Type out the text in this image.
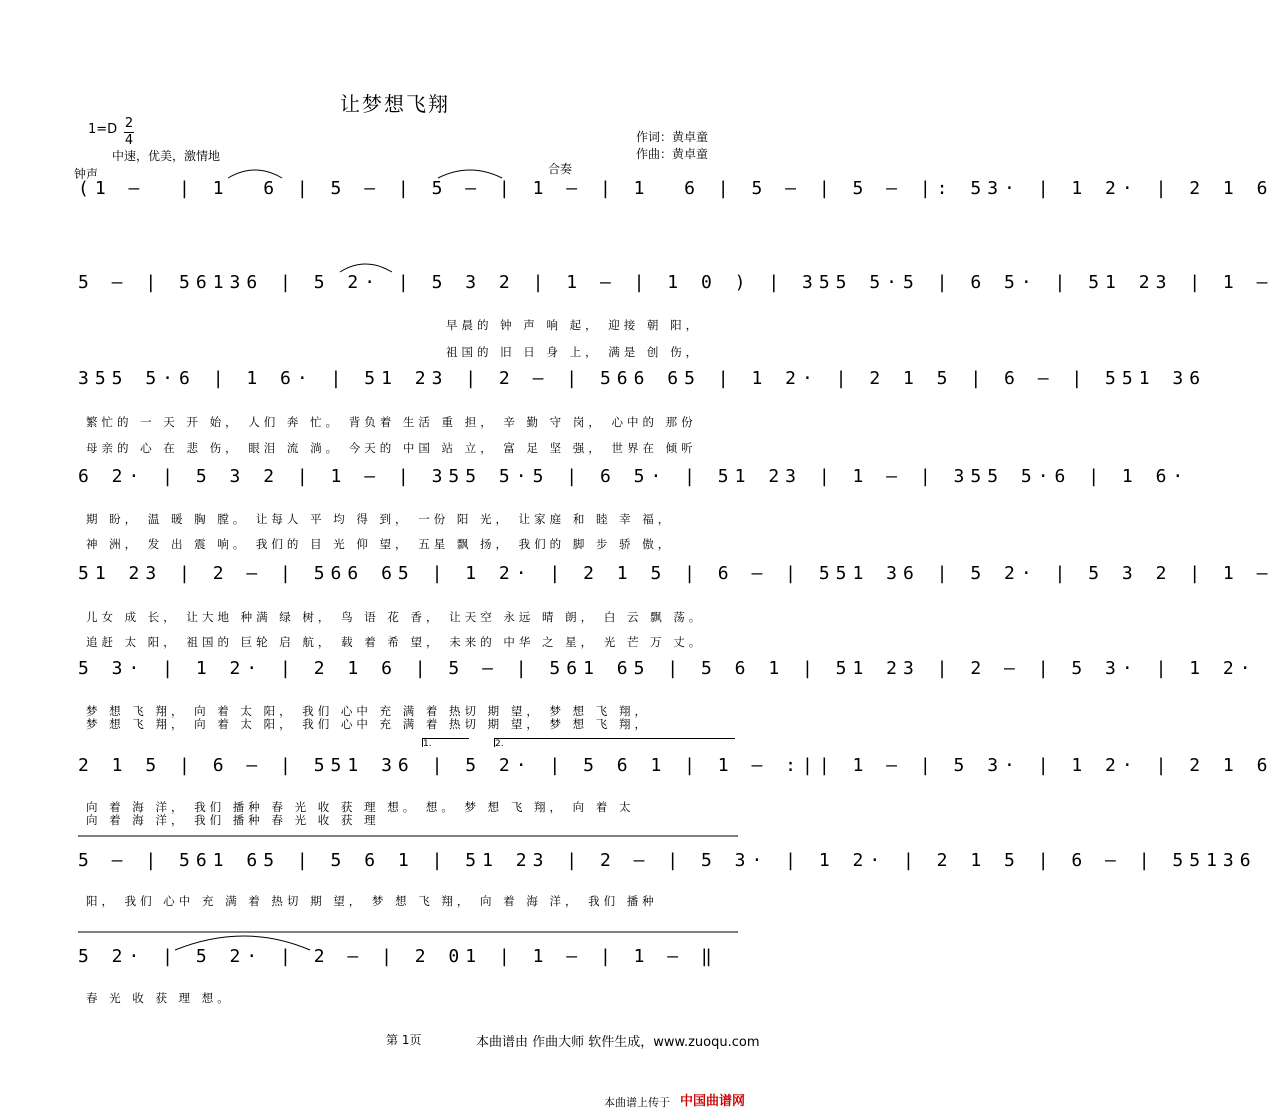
让梦想飞翔
1=D 2
4
中速，优美，激情地
作词：黄卓童
作曲：黄卓童
钟声	合奏
(1 –  | 1  6 | 5 – | 5 – | 1 – | 1  6 | 5 – | 5 – |: 53· | 1 2· | 2 1 6
5 – | 56136 | 5 2· | 5 3 2 | 1 – | 1 0 ) | 355 5·5 | 6 5· | 51 23 | 1 –
早晨的 钟 声 响 起， 迎接 朝 阳，
祖国的 旧 日 身 上， 满是 创 伤，
355 5·6 | 1 6· | 51 23 | 2 – | 566 65 | 1 2· | 2 1 5 | 6 – | 551 36
繁忙的 一 天 开 始， 人们 奔 忙。 背负着 生活 重 担， 辛 勤 守 岗， 心中的 那份
母亲的 心 在 悲 伤， 眼泪 流 淌。 今天的 中国 站 立， 富 足 坚 强， 世界在 倾听
6 2· | 5 3 2 | 1 – | 355 5·5 | 6 5· | 51 23 | 1 – | 355 5·6 | 1 6·
期 盼， 温 暖 胸 膛。 让每人 平 均 得 到， 一份 阳 光， 让家庭 和 睦 幸 福，
神 洲， 发 出 震 响。 我们的 目 光 仰 望， 五星 飘 扬， 我们的 脚 步 骄 傲，
51 23 | 2 – | 566 65 | 1 2· | 2 1 5 | 6 – | 551 36 | 5 2· | 5 3 2 | 1 –
儿女 成 长， 让大地 种满 绿 树， 鸟 语 花 香， 让天空 永远 晴 朗， 白 云 飘 荡。
追赶 太 阳， 祖国的 巨轮 启 航， 载 着 希 望， 未来的 中华 之 星， 光 芒 万 丈。
5 3· | 1 2· | 2 1 6 | 5 – | 561 65 | 5 6 1 | 51 23 | 2 – | 5 3· | 1 2·
梦 想 飞 翔， 向 着 太 阳， 我们 心中 充 满 着 热切 期 望， 梦 想 飞 翔，
梦 想 飞 翔， 向 着 太 阳， 我们 心中 充 满 着 热切 期 望， 梦 想 飞 翔，
1.	2.
2 1 5 | 6 – | 551 36 | 5 2· | 5 6 1 | 1 – :|| 1 – | 5 3· | 1 2· | 2 1 6
向 着 海 洋， 我们 播种 春 光 收 获 理 想。 想。 梦 想 飞 翔， 向 着 太
向 着 海 洋， 我们 播种 春 光 收 获 理
5 – | 561 65 | 5 6 1 | 51 23 | 2 – | 5 3· | 1 2· | 2 1 5 | 6 – | 55136
阳， 我们 心中 充 满 着 热切 期 望， 梦 想 飞 翔， 向 着 海 洋， 我们 播种
5 2· | 5 2· | 2 – | 2 01 | 1 – | 1 – ‖
春 光 收 获 理 想。
第 1页	本曲谱由 作曲大师 软件生成，www.zuoqu.com
本曲谱上传于 中国曲谱网
